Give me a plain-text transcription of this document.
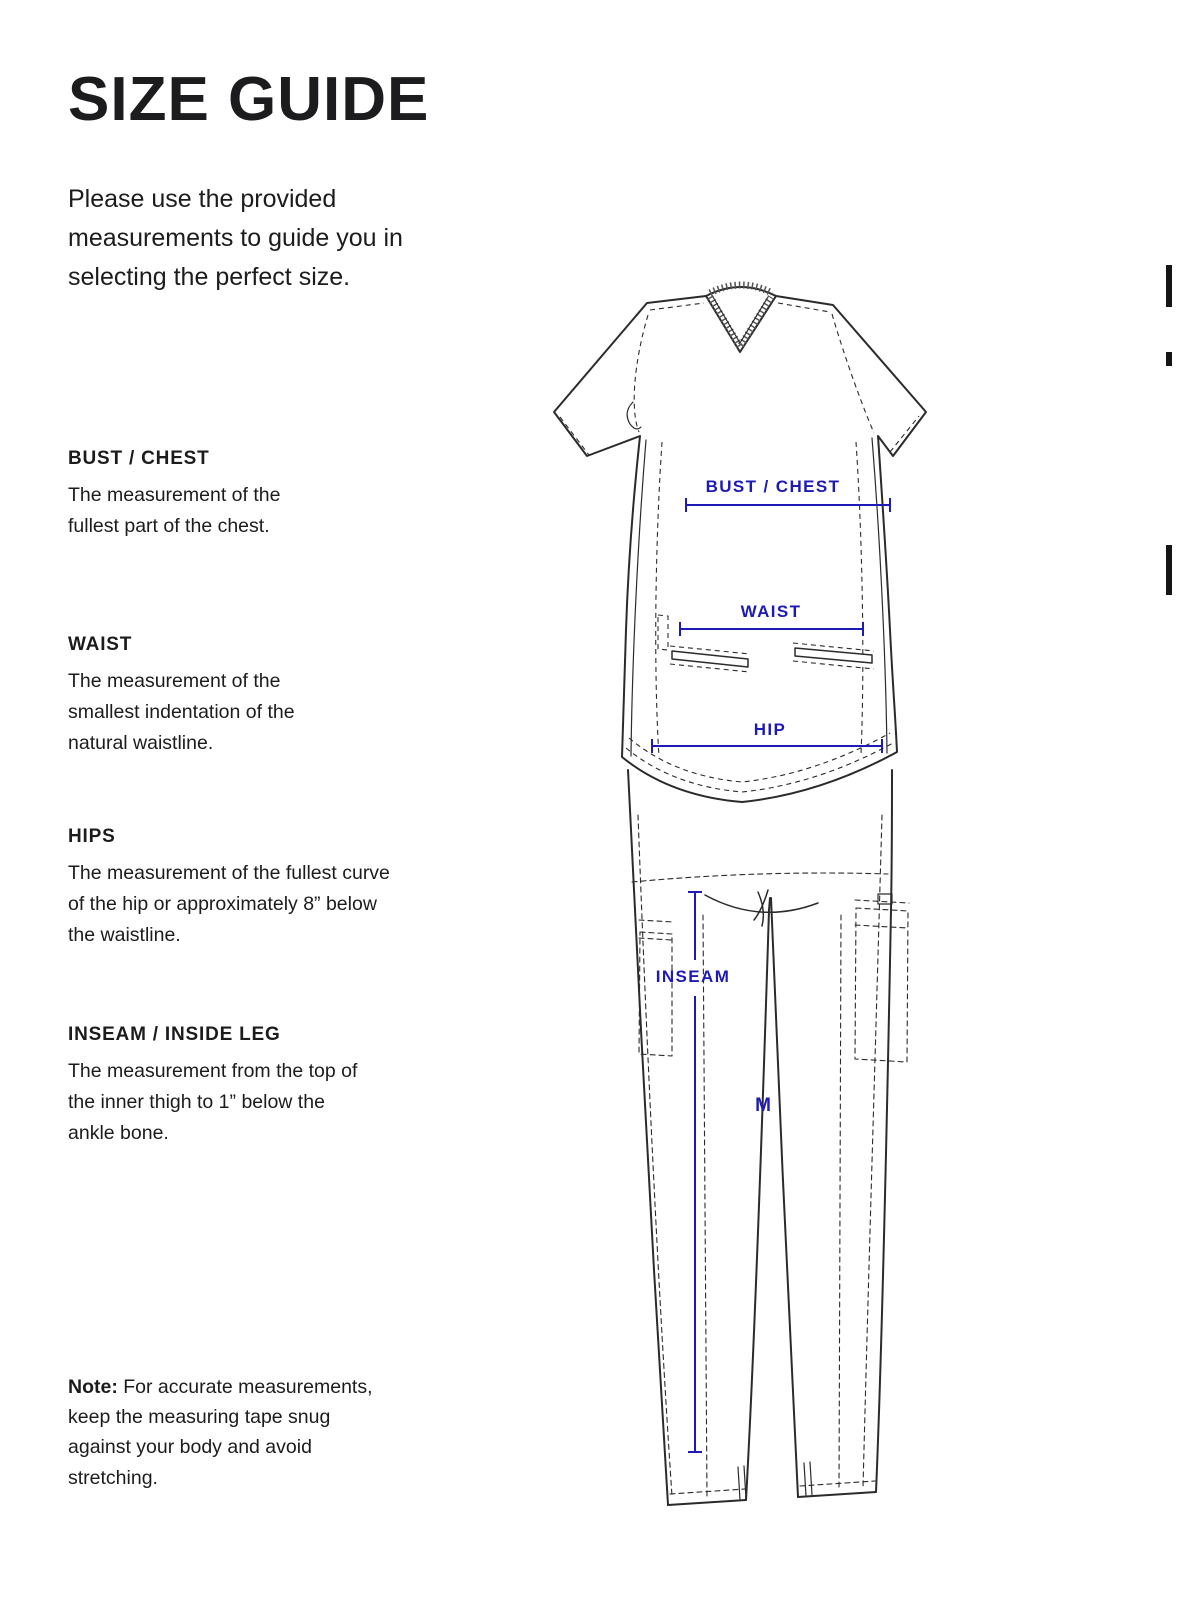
SIZE GUIDE
Please use the provided measurements to guide you in selecting the perfect size.
BUST / CHEST

The measurement of the fullest part of the chest.

WAIST

The measurement of the smallest indentation of the natural waistline.

HIPS

The measurement of the fullest curve of the hip or approximately 8” below the waistline.

INSEAM / INSIDE LEG

The measurement from the top of the inner thigh to 1” below the ankle bone.

Note: For accurate measurements, keep the measuring tape snug against your body and avoid stretching.
BUST / CHEST
WAIST
HIP
INSEAM
M
